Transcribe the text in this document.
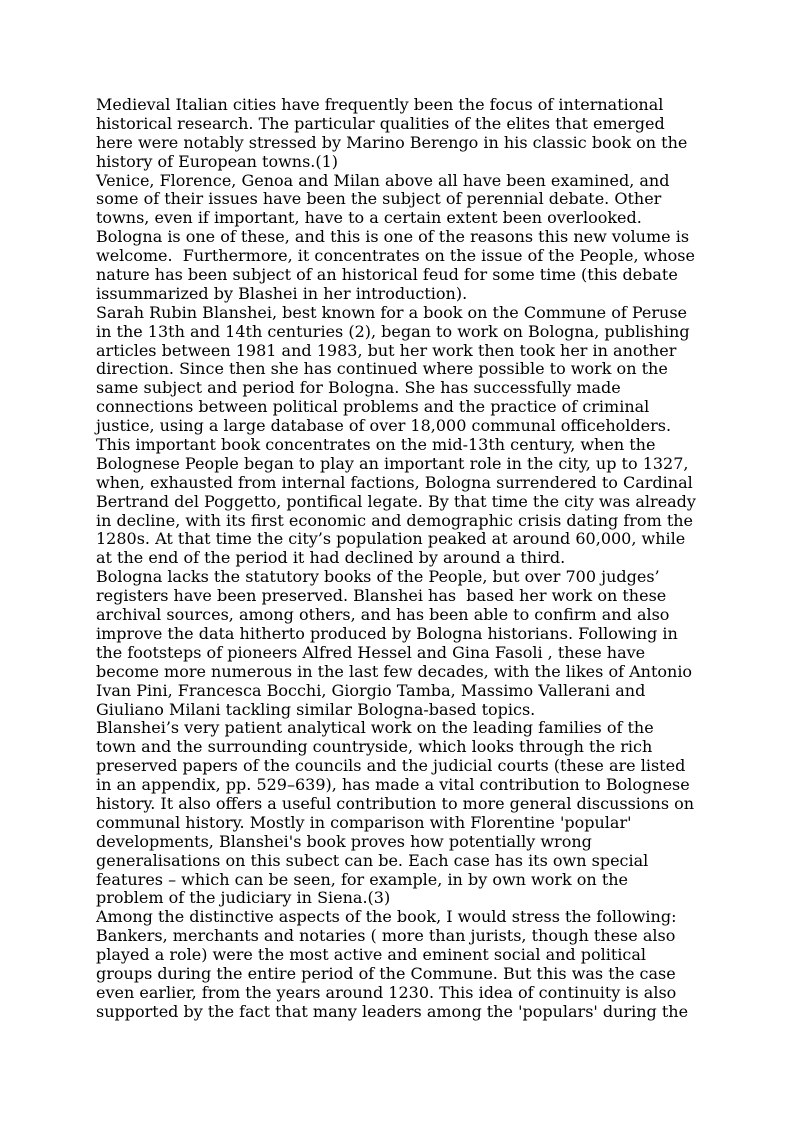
Medieval Italian cities have frequently been the focus of international
historical research. The particular qualities of the elites that emerged
here were notably stressed by Marino Berengo in his classic book on the
history of European towns.(1)
Venice, Florence, Genoa and Milan above all have been examined, and
some of their issues have been the subject of perennial debate. Other
towns, even if important, have to a certain extent been overlooked.
Bologna is one of these, and this is one of the reasons this new volume is
welcome.  Furthermore, it concentrates on the issue of the People, whose
nature has been subject of an historical feud for some time (this debate
issummarized by Blashei in her introduction).
Sarah Rubin Blanshei, best known for a book on the Commune of Peruse
in the 13th and 14th centuries (2), began to work on Bologna, publishing
articles between 1981 and 1983, but her work then took her in another
direction. Since then she has continued where possible to work on the
same subject and period for Bologna. She has successfully made
connections between political problems and the practice of criminal
justice, using a large database of over 18,000 communal officeholders.
This important book concentrates on the mid-13th century, when the
Bolognese People began to play an important role in the city, up to 1327,
when, exhausted from internal factions, Bologna surrendered to Cardinal
Bertrand del Poggetto, pontifical legate. By that time the city was already
in decline, with its first economic and demographic crisis dating from the
1280s. At that time the city’s population peaked at around 60,000, while
at the end of the period it had declined by around a third.
Bologna lacks the statutory books of the People, but over 700 judges’
registers have been preserved. Blanshei has  based her work on these
archival sources, among others, and has been able to confirm and also
improve the data hitherto produced by Bologna historians. Following in
the footsteps of pioneers Alfred Hessel and Gina Fasoli , these have
become more numerous in the last few decades, with the likes of Antonio
Ivan Pini, Francesca Bocchi, Giorgio Tamba, Massimo Vallerani and
Giuliano Milani tackling similar Bologna-based topics.
Blanshei’s very patient analytical work on the leading families of the
town and the surrounding countryside, which looks through the rich
preserved papers of the councils and the judicial courts (these are listed
in an appendix, pp. 529–639), has made a vital contribution to Bolognese
history. It also offers a useful contribution to more general discussions on
communal history. Mostly in comparison with Florentine 'popular'
developments, Blanshei's book proves how potentially wrong
generalisations on this subect can be. Each case has its own special
features – which can be seen, for example, in by own work on the
problem of the judiciary in Siena.(3)
Among the distinctive aspects of the book, I would stress the following:
Bankers, merchants and notaries ( more than jurists, though these also
played a role) were the most active and eminent social and political
groups during the entire period of the Commune. But this was the case
even earlier, from the years around 1230. This idea of continuity is also
supported by the fact that many leaders among the 'populars' during the
